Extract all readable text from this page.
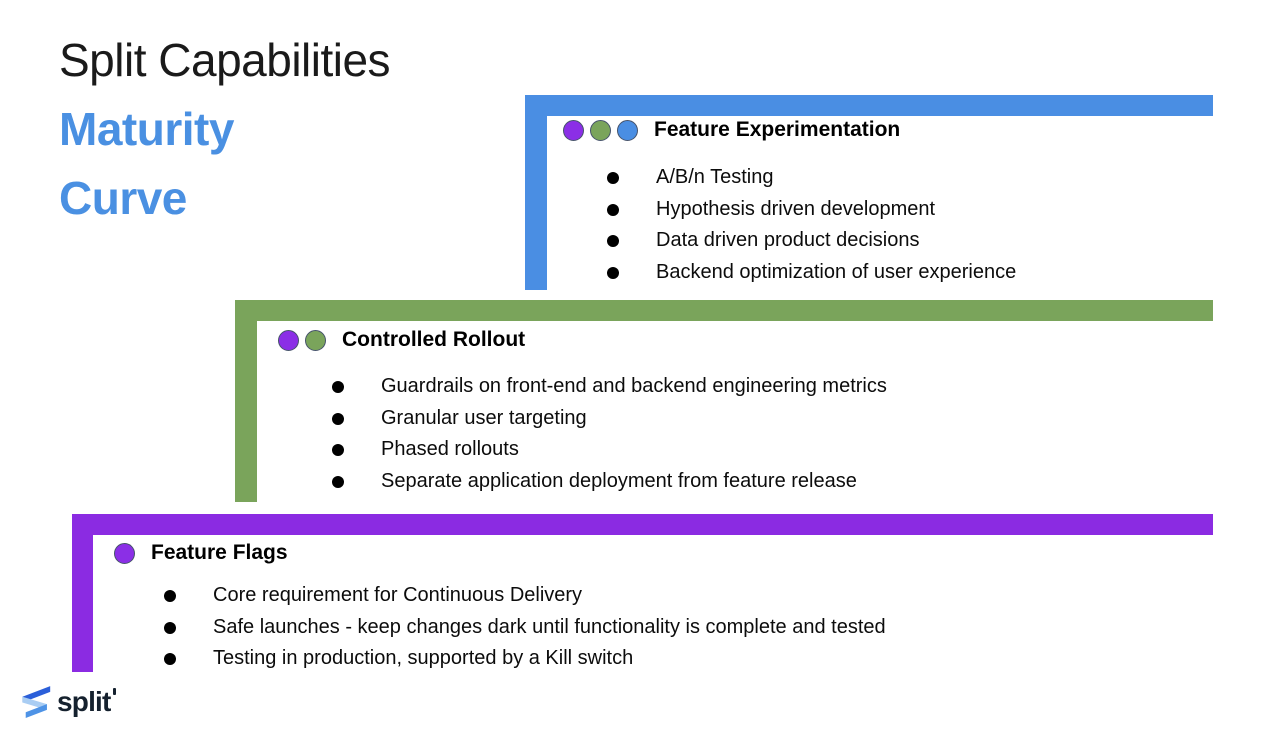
Split Capabilities
Maturity
Curve
Feature Experimentation
A/B/n Testing
Hypothesis driven development
Data driven product decisions
Backend optimization of user experience
Controlled Rollout
Guardrails on front-end and backend engineering metrics
Granular user targeting
Phased rollouts
Separate application deployment from feature release
Feature Flags
Core requirement for Continuous Delivery
Safe launches - keep changes dark until functionality is complete and tested
Testing in production, supported by a Kill switch
split
